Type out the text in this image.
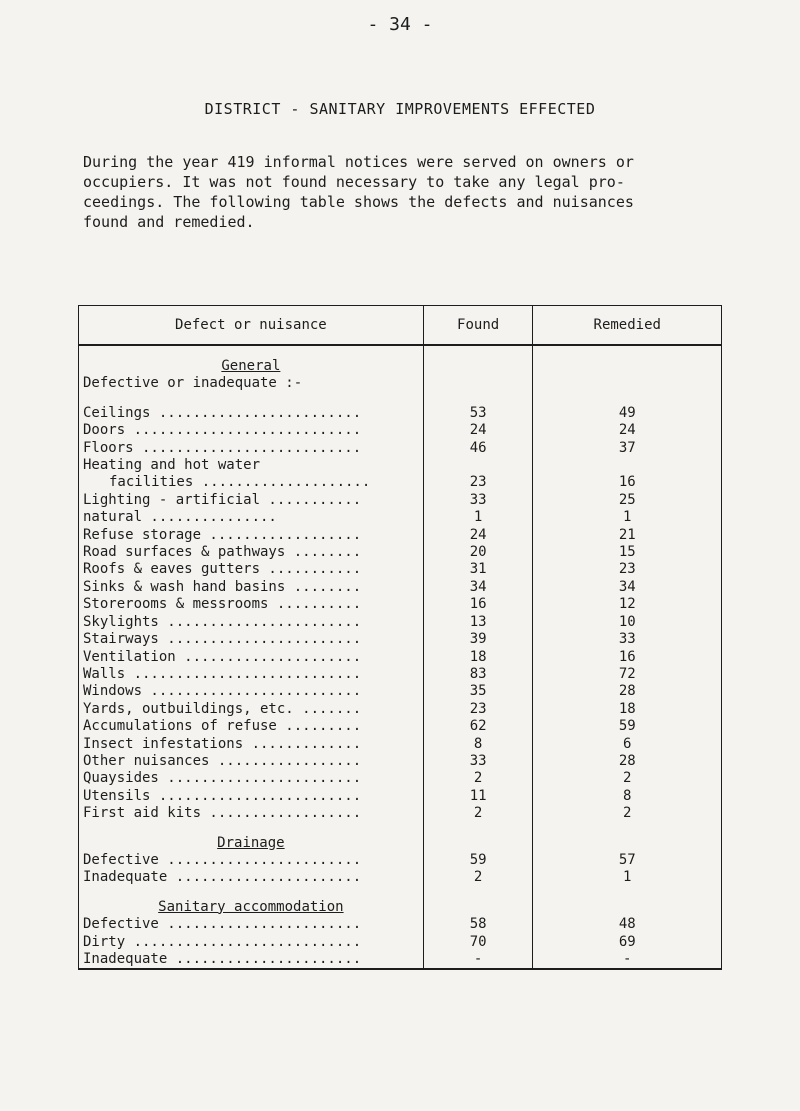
- 34 -
DISTRICT - SANITARY IMPROVEMENTS EFFECTED
During the year 419 informal notices were served on owners or
occupiers. It was not found necessary to take any legal pro-
ceedings. The following table shows the defects and nuisances
found and remedied.
Defect or nuisance	Found	Remedied

General		
Defective or inadequate :-		

Ceilings ........................	53	49
Doors ...........................	24	24
Floors ..........................	46	37
Heating and hot water		
facilities ....................	23	16
Lighting - artificial ...........	33	25
natural ...............	1	1
Refuse storage ..................	24	21
Road surfaces & pathways ........	20	15
Roofs & eaves gutters ...........	31	23
Sinks & wash hand basins ........	34	34
Storerooms & messrooms ..........	16	12
Skylights .......................	13	10
Stairways .......................	39	33
Ventilation .....................	18	16
Walls ...........................	83	72
Windows .........................	35	28
Yards, outbuildings, etc. .......	23	18
Accumulations of refuse .........	62	59
Insect infestations .............	8	6
Other nuisances .................	33	28
Quaysides .......................	2	2
Utensils ........................	11	8
First aid kits ..................	2	2

Drainage		
Defective .......................	59	57
Inadequate ......................	2	1

Sanitary accommodation		
Defective .......................	58	48
Dirty ...........................	70	69
Inadequate ......................	-	-
